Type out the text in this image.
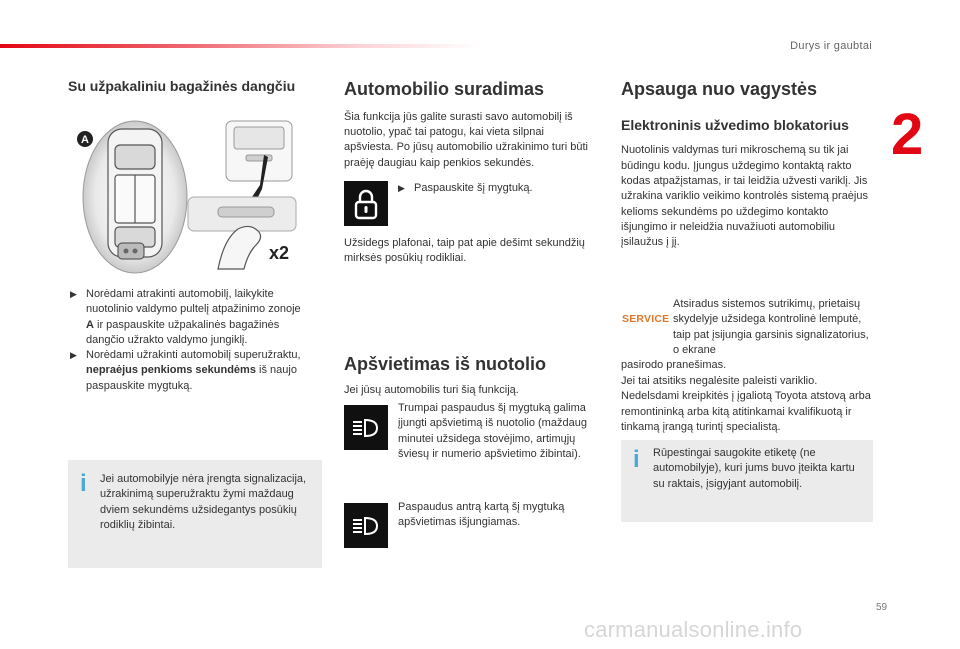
Durys ir gaubtai
2
Su užpakaliniu bagažinės dangčiu
A
x2
▶ Norėdami atrakinti automobilį, laikykite nuotolinio valdymo pultelį atpažinimo zonoje A ir paspauskite užpakalinės bagažinės dangčio užrakto valdymo jungiklį.
▶ Norėdami užrakinti automobilį superužraktu, nepraėjus penkioms sekundėms iš naujo paspauskite mygtuką.
i Jei automobilyje nėra įrengta signalizacija, užrakinimą superužraktu žymi maždaug dviem sekundėms užsidegantys posūkių rodiklių žibintai.

Automobilio suradimas

Šia funkcija jūs galite surasti savo automobilį iš nuotolio, ypač tai patogu, kai vieta silpnai apšviesta. Po jūsų automobilio užrakinimo turi būti praėję daugiau kaip penkios sekundės.

▶ Paspauskite šį mygtuką.

Užsidegs plafonai, taip pat apie dešimt sekundžių mirksės posūkių rodikliai.

Apšvietimas iš nuotolio

Jei jūsų automobilis turi šią funkciją.

Trumpai paspaudus šį mygtuką galima įjungti apšvietimą iš nuotolio (maždaug minutei užsidega stovėjimo, artimųjų šviesų ir numerio apšvietimo žibintai).

Paspaudus antrą kartą šį mygtuką apšvietimas išjungiamas.

Apsauga nuo vagystės
Elektroninis užvedimo blokatorius

Nuotolinis valdymas turi mikroschemą su tik jai būdingu kodu. Įjungus uždegimo kontaktą rakto kodas atpažįstamas, ir tai leidžia užvesti variklį. Jis užrakina variklio veikimo kontrolės sistemą praėjus kelioms sekundėms po uždegimo kontakto išjungimo ir neleidžia nuvažiuoti automobiliu įsilaužus į jį.

SERVICE

Atsiradus sistemos sutrikimų, prietaisų skydelyje užsidega kontrolinė lemputė, taip pat įsijungia garsinis signalizatorius, o ekrane

pasirodo pranešimas.

Jei tai atsitiks negalėsite paleisti variklio. Nedelsdami kreipkitės į įgaliotą Toyota atstovą arba remontininką arba kitą atitinkamai kvalifikuotą ir tinkamą įrangą turintį specialistą.

i Rūpestingai saugokite etiketę (ne automobilyje), kuri jums buvo įteikta kartu su raktais, įsigyjant automobilį.

59
carmanualsonline.info
